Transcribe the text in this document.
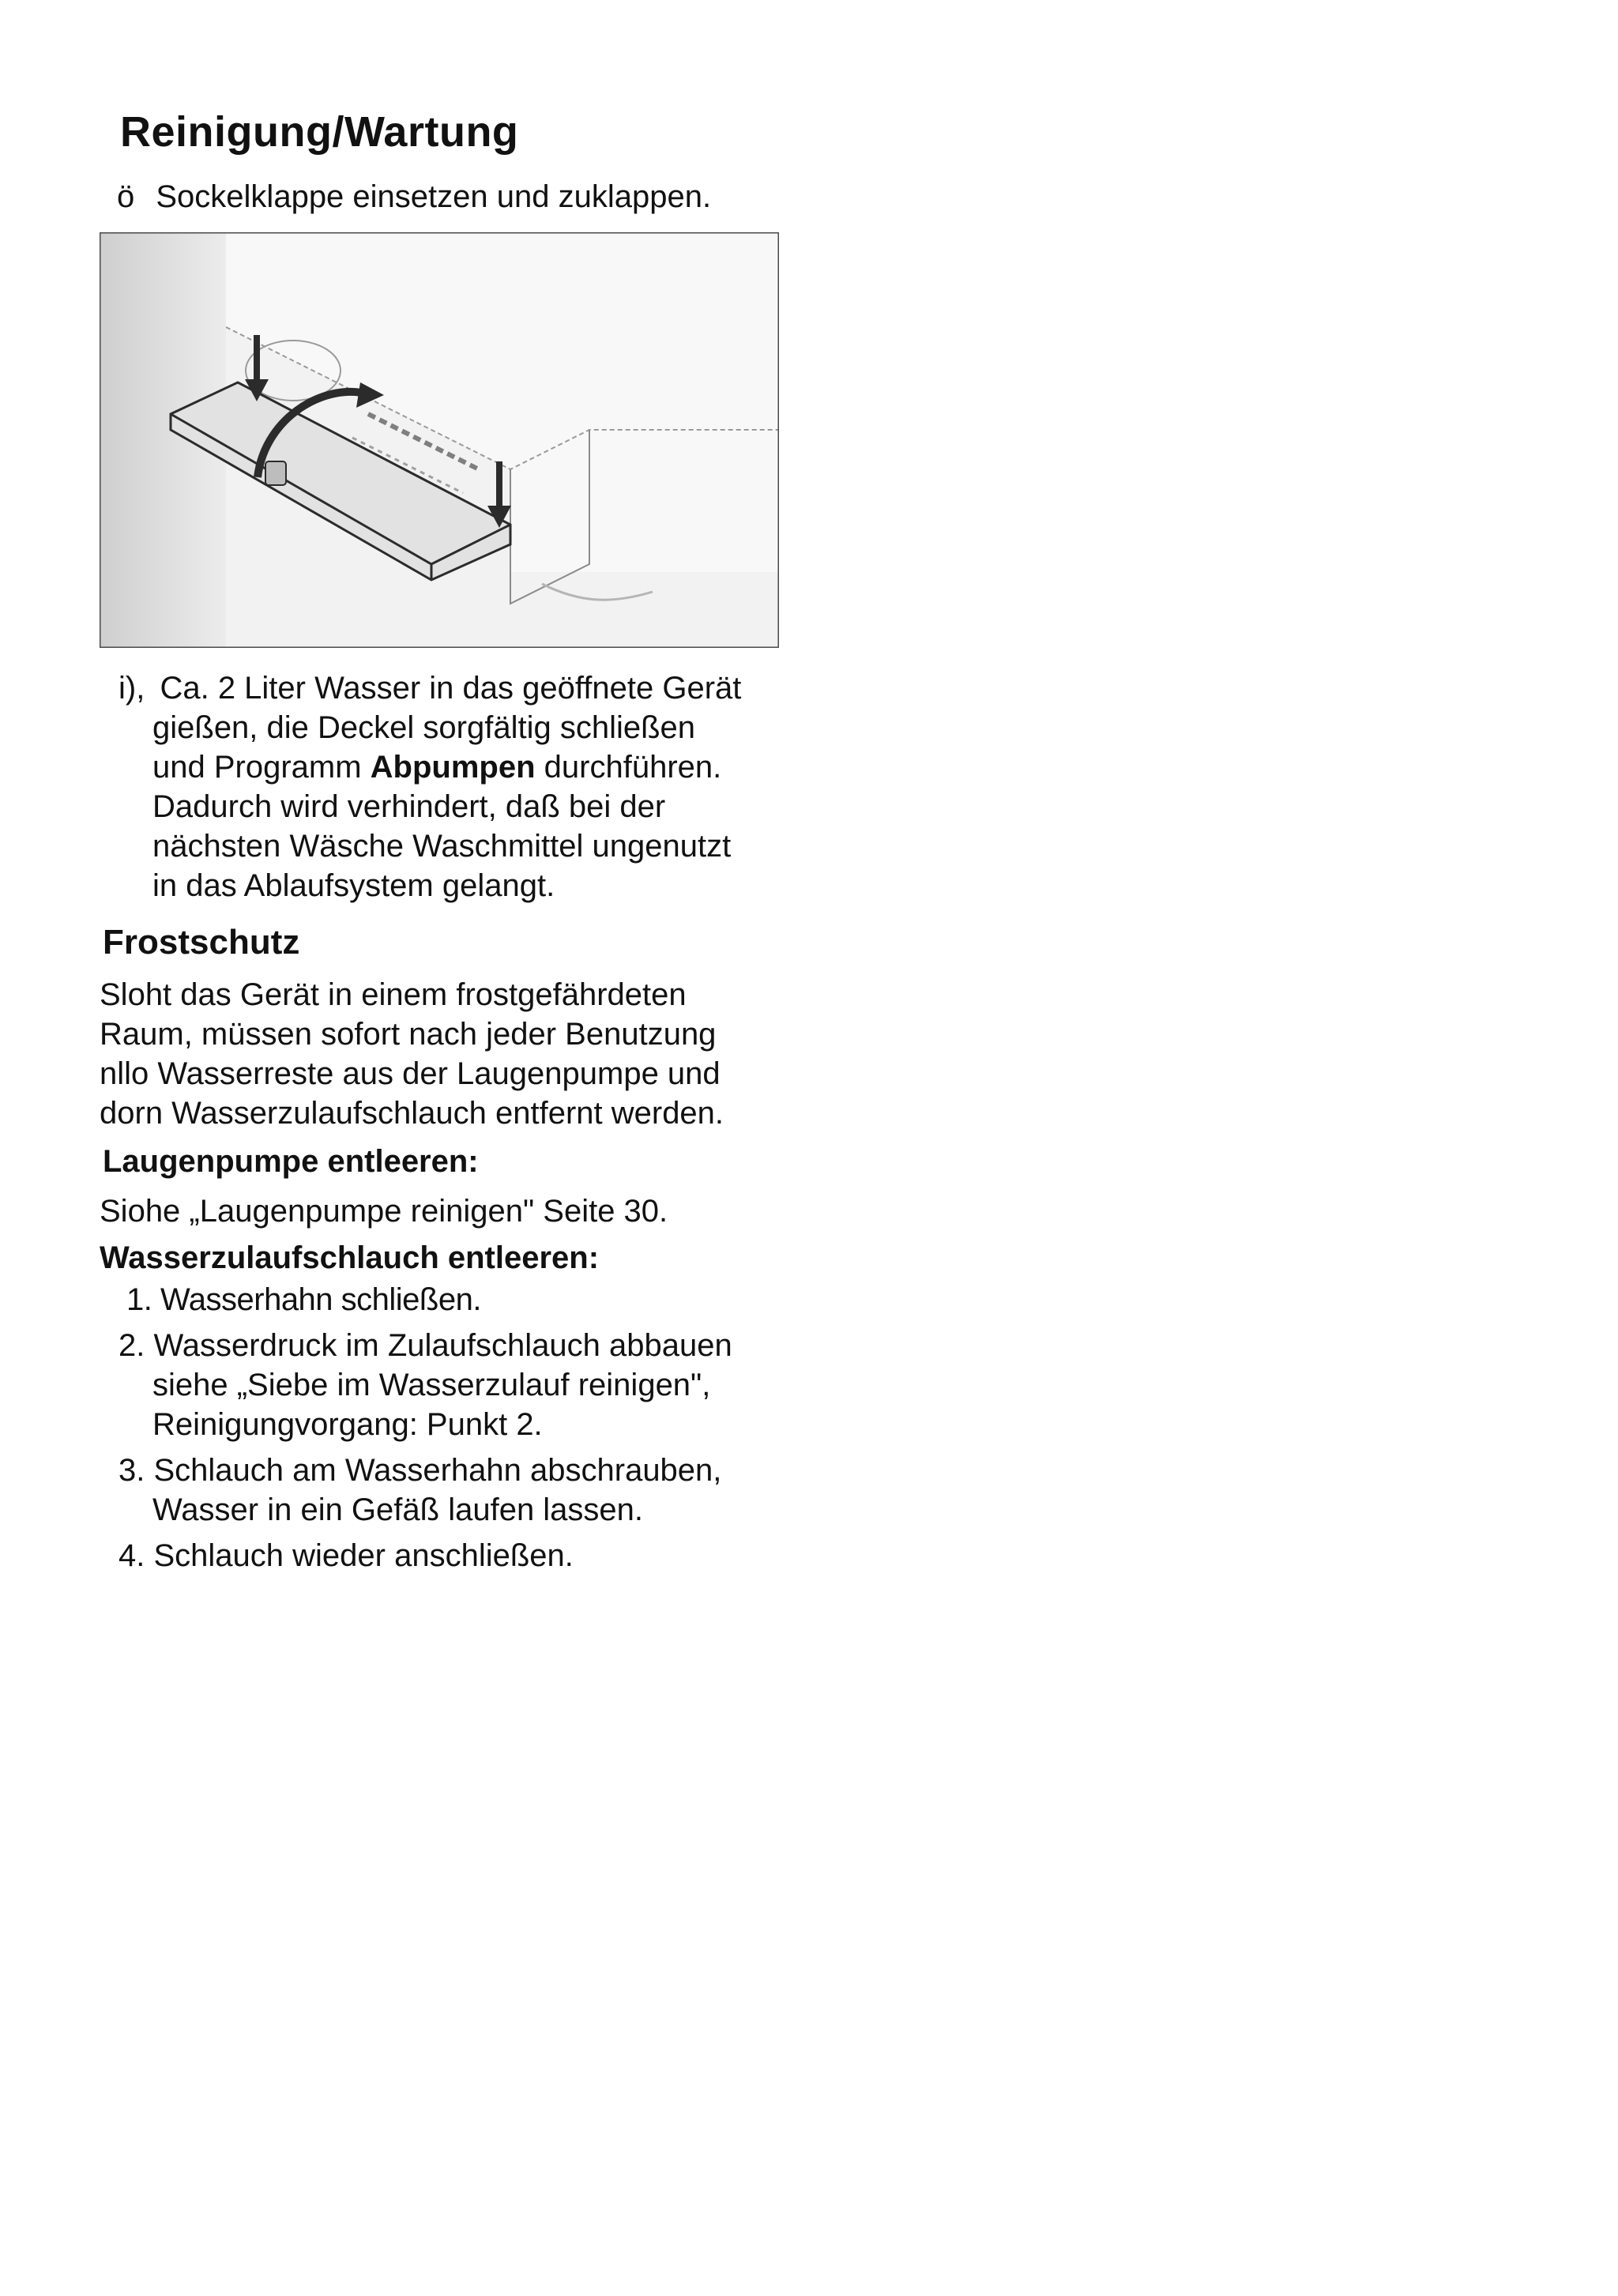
Reinigung/Wartung
ö Sockelklappe einsetzen und zuklappen.
i), Ca. 2 Liter Wasser in das geöffnete Gerät
gießen, die Deckel sorgfältig schließen
und Programm Abpumpen durchführen.
Dadurch wird verhindert, daß bei der
nächsten Wäsche Waschmittel ungenutzt
in das Ablaufsystem gelangt.
Frostschutz
Sloht das Gerät in einem frostgefährdeten
Raum, müssen sofort nach jeder Benutzung
nllo Wasserreste aus der Laugenpumpe und
dorn Wasserzulaufschlauch entfernt werden.
Laugenpumpe entleeren:
Siohe „Laugenpumpe reinigen" Seite 30.
Wasserzulaufschlauch entleeren:
1. Wasserhahn schließen.
2. Wasserdruck im Zulaufschlauch abbauen
siehe „Siebe im Wasserzulauf reinigen",
Reinigungvorgang: Punkt 2.
3. Schlauch am Wasserhahn abschrauben,
Wasser in ein Gefäß laufen lassen.
4. Schlauch wieder anschließen.
